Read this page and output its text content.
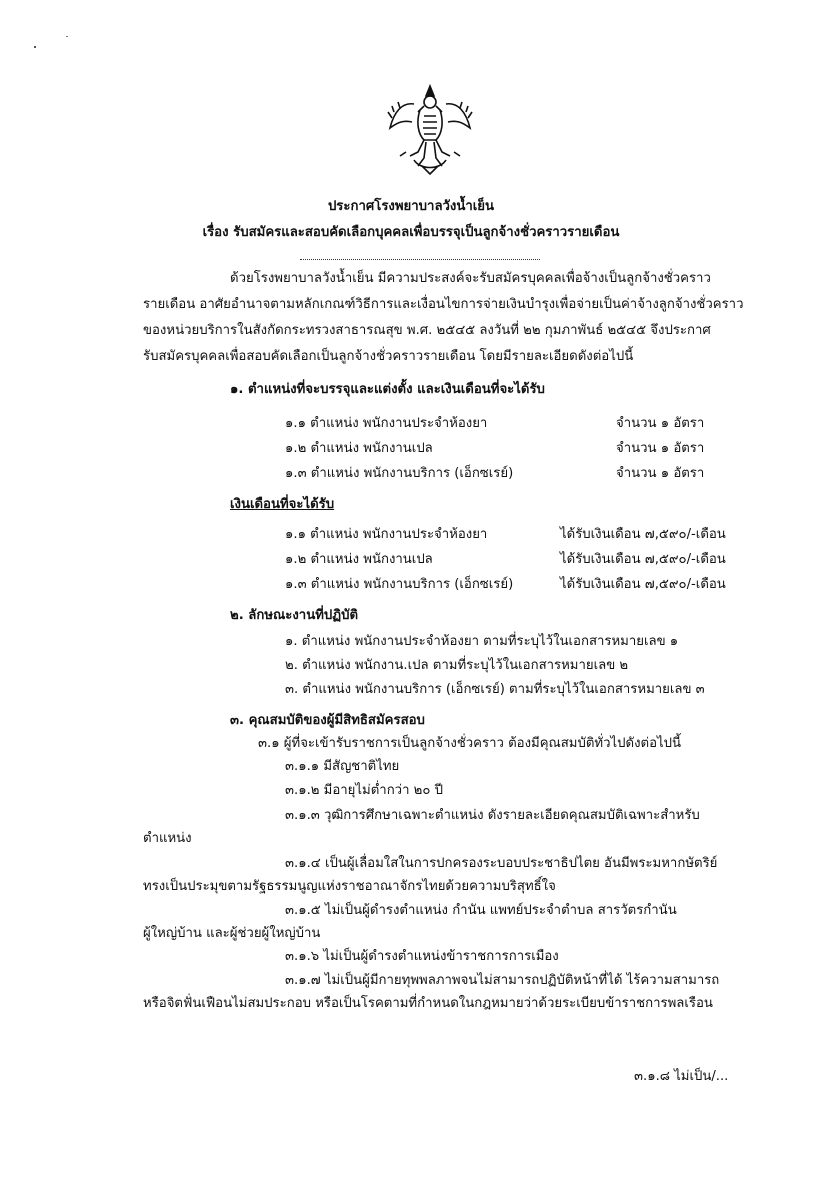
ประกาศโรงพยาบาลวังน้ำเย็น
เรื่อง รับสมัครและสอบคัดเลือกบุคคลเพื่อบรรจุเป็นลูกจ้างชั่วคราวรายเดือน
ด้วยโรงพยาบาลวังน้ำเย็น มีความประสงค์จะรับสมัครบุคคลเพื่อจ้างเป็นลูกจ้างชั่วคราว
รายเดือน อาศัยอำนาจตามหลักเกณฑ์วิธีการและเงื่อนไขการจ่ายเงินบำรุงเพื่อจ่ายเป็นค่าจ้างลูกจ้างชั่วคราว
ของหน่วยบริการในสังกัดกระทรวงสาธารณสุข พ.ศ. ๒๕๔๕ ลงวันที่ ๒๒ กุมภาพันธ์ ๒๕๔๕ จึงประกาศ
รับสมัครบุคคลเพื่อสอบคัดเลือกเป็นลูกจ้างชั่วคราวรายเดือน โดยมีรายละเอียดดังต่อไปนี้
๑. ตำแหน่งที่จะบรรจุและแต่งตั้ง และเงินเดือนที่จะได้รับ
๑.๑ ตำแหน่ง พนักงานประจำห้องยา	จำนวน ๑ อัตรา
๑.๒ ตำแหน่ง พนักงานเปล	จำนวน ๑ อัตรา
๑.๓ ตำแหน่ง พนักงานบริการ (เอ็กซเรย์)	จำนวน ๑ อัตรา
เงินเดือนที่จะได้รับ
๑.๑ ตำแหน่ง พนักงานประจำห้องยา	ได้รับเงินเดือน ๗,๕๙๐/-เดือน
๑.๒ ตำแหน่ง พนักงานเปล	ได้รับเงินเดือน ๗,๕๙๐/-เดือน
๑.๓ ตำแหน่ง พนักงานบริการ (เอ็กซเรย์)	ได้รับเงินเดือน ๗,๕๙๐/-เดือน
๒. ลักษณะงานที่ปฏิบัติ
๑. ตำแหน่ง พนักงานประจำห้องยา ตามที่ระบุไว้ในเอกสารหมายเลข ๑
๒. ตำแหน่ง พนักงาน.เปล ตามที่ระบุไว้ในเอกสารหมายเลข ๒
๓. ตำแหน่ง พนักงานบริการ (เอ็กซเรย์) ตามที่ระบุไว้ในเอกสารหมายเลข ๓
๓. คุณสมบัติของผู้มีสิทธิสมัครสอบ
๓.๑ ผู้ที่จะเข้ารับราชการเป็นลูกจ้างชั่วคราว ต้องมีคุณสมบัติทั่วไปดังต่อไปนี้
๓.๑.๑ มีสัญชาติไทย
๓.๑.๒ มีอายุไม่ต่ำกว่า ๒๐ ปี
๓.๑.๓ วุฒิการศึกษาเฉพาะตำแหน่ง ดังรายละเอียดคุณสมบัติเฉพาะสำหรับ
ตำแหน่ง
๓.๑.๔ เป็นผู้เลื่อมใสในการปกครองระบอบประชาธิปไตย อันมีพระมหากษัตริย์
ทรงเป็นประมุขตามรัฐธรรมนูญแห่งราชอาณาจักรไทยด้วยความบริสุทธิ์ใจ
๓.๑.๕ ไม่เป็นผู้ดำรงตำแหน่ง กำนัน แพทย์ประจำตำบล สารวัตรกำนัน
ผู้ใหญ่บ้าน และผู้ช่วยผู้ใหญ่บ้าน
๓.๑.๖ ไม่เป็นผู้ดำรงตำแหน่งข้าราชการการเมือง
๓.๑.๗ ไม่เป็นผู้มีกายทุพพลภาพจนไม่สามารถปฏิบัติหน้าที่ได้ ไร้ความสามารถ
หรือจิตฟั่นเฟือนไม่สมประกอบ หรือเป็นโรคตามที่กำหนดในกฎหมายว่าด้วยระเบียบข้าราชการพลเรือน
๓.๑.๘ ไม่เป็น/...
